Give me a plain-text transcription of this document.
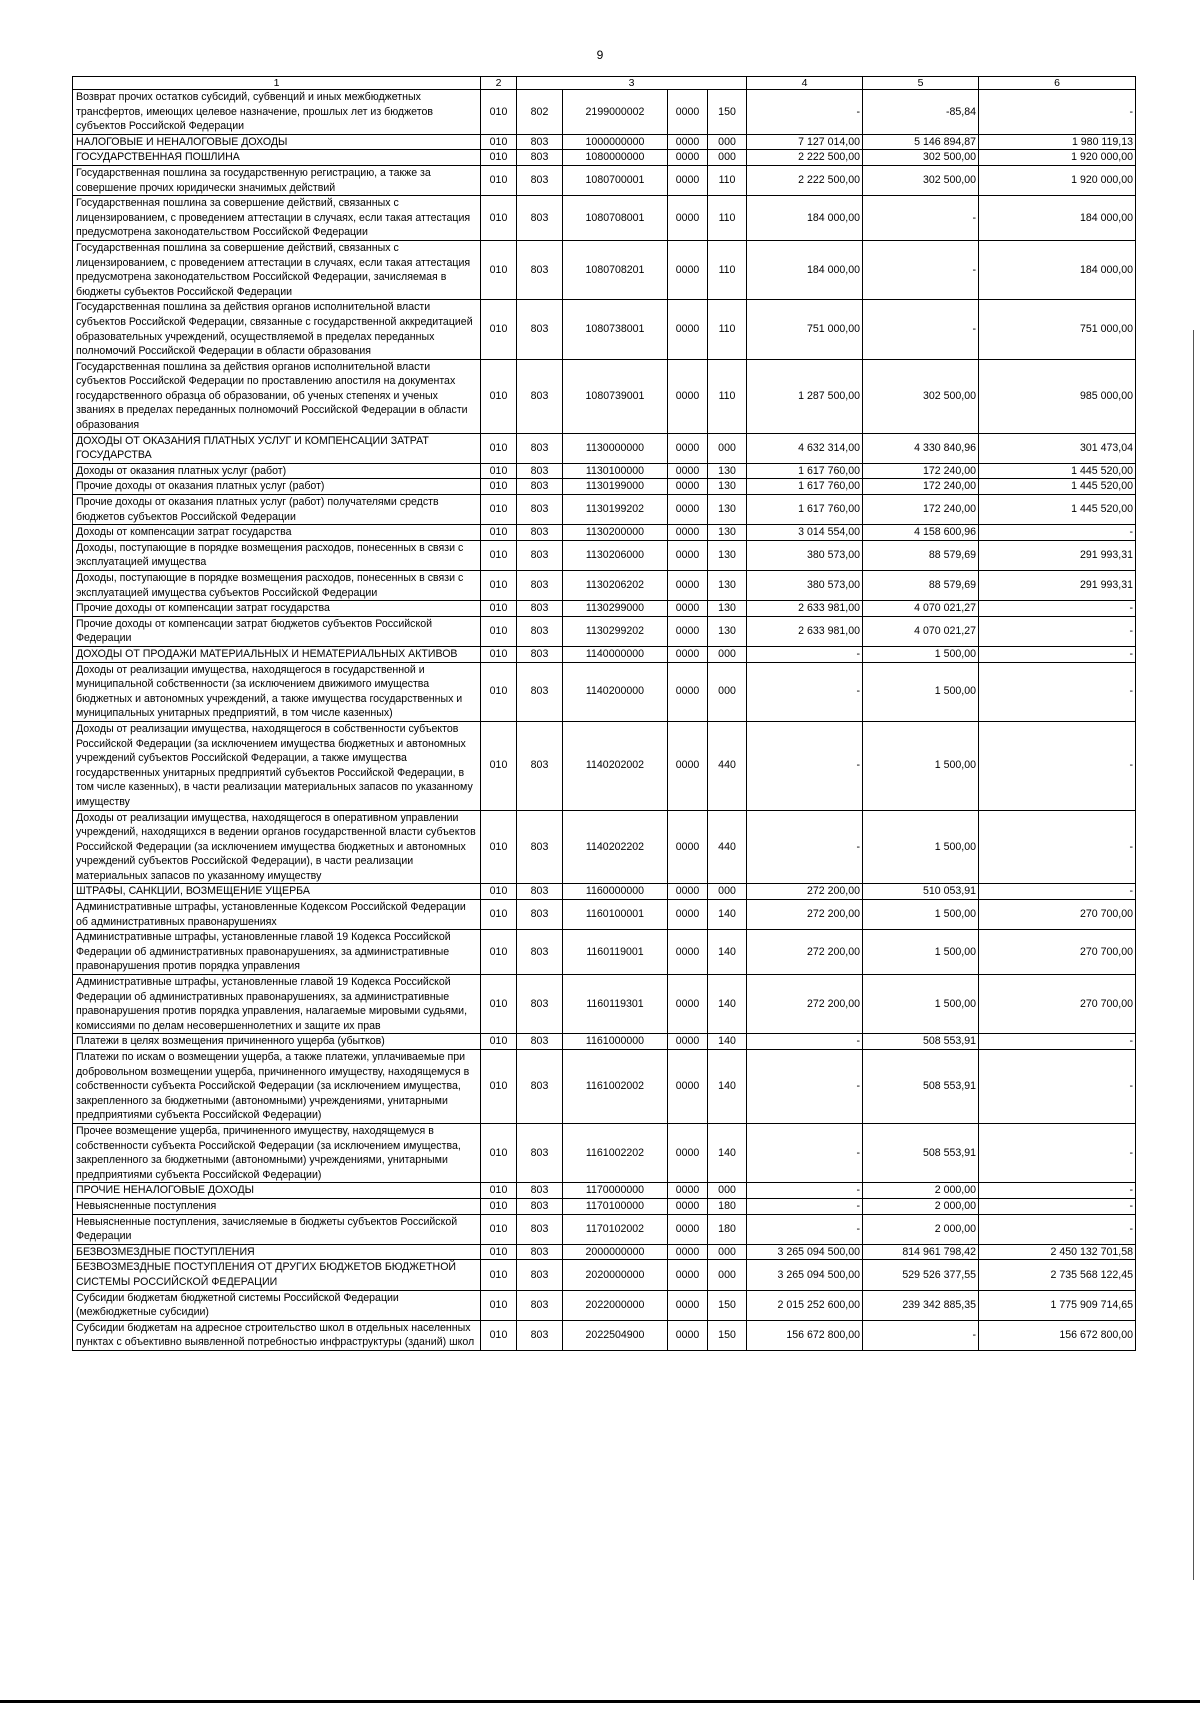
9
1	2	3				4	5	6
Возврат прочих остатков субсидий, субвенций и иных межбюджетных трансфертов, имеющих целевое назначение, прошлых лет из бюджетов субъектов Российской Федерации	010	802	2199000002	0000	150	-	-85,84	-
НАЛОГОВЫЕ И НЕНАЛОГОВЫЕ ДОХОДЫ	010	803	1000000000	0000	000	7 127 014,00	5 146 894,87	1 980 119,13
ГОСУДАРСТВЕННАЯ ПОШЛИНА	010	803	1080000000	0000	000	2 222 500,00	302 500,00	1 920 000,00
Государственная пошлина за государственную регистрацию, а также за совершение прочих юридически значимых действий	010	803	1080700001	0000	110	2 222 500,00	302 500,00	1 920 000,00
Государственная пошлина за совершение действий, связанных с лицензированием, с проведением аттестации в случаях, если такая аттестация предусмотрена законодательством Российской Федерации	010	803	1080708001	0000	110	184 000,00	-	184 000,00
Государственная пошлина за совершение действий, связанных с лицензированием, с проведением аттестации в случаях, если такая аттестация предусмотрена законодательством Российской Федерации, зачисляемая в бюджеты субъектов Российской Федерации	010	803	1080708201	0000	110	184 000,00	-	184 000,00
Государственная пошлина за действия органов исполнительной власти субъектов Российской Федерации, связанные с государственной аккредитацией образовательных учреждений, осуществляемой в пределах переданных полномочий Российской Федерации в области образования	010	803	1080738001	0000	110	751 000,00	-	751 000,00
Государственная пошлина за действия органов исполнительной власти субъектов Российской Федерации по проставлению апостиля на документах государственного образца об образовании, об ученых степенях и ученых званиях в пределах переданных полномочий Российской Федерации в области образования	010	803	1080739001	0000	110	1 287 500,00	302 500,00	985 000,00
ДОХОДЫ ОТ ОКАЗАНИЯ ПЛАТНЫХ УСЛУГ И КОМПЕНСАЦИИ ЗАТРАТ ГОСУДАРСТВА	010	803	1130000000	0000	000	4 632 314,00	4 330 840,96	301 473,04
Доходы от оказания платных услуг (работ)	010	803	1130100000	0000	130	1 617 760,00	172 240,00	1 445 520,00
Прочие доходы от оказания платных услуг (работ)	010	803	1130199000	0000	130	1 617 760,00	172 240,00	1 445 520,00
Прочие доходы от оказания платных услуг (работ) получателями средств бюджетов субъектов Российской Федерации	010	803	1130199202	0000	130	1 617 760,00	172 240,00	1 445 520,00
Доходы от компенсации затрат государства	010	803	1130200000	0000	130	3 014 554,00	4 158 600,96	-
Доходы, поступающие в порядке возмещения расходов, понесенных в связи с эксплуатацией имущества	010	803	1130206000	0000	130	380 573,00	88 579,69	291 993,31
Доходы, поступающие в порядке возмещения расходов, понесенных в связи с эксплуатацией имущества субъектов Российской Федерации	010	803	1130206202	0000	130	380 573,00	88 579,69	291 993,31
Прочие доходы от компенсации затрат государства	010	803	1130299000	0000	130	2 633 981,00	4 070 021,27	-
Прочие доходы от компенсации затрат бюджетов субъектов Российской Федерации	010	803	1130299202	0000	130	2 633 981,00	4 070 021,27	-
ДОХОДЫ ОТ ПРОДАЖИ МАТЕРИАЛЬНЫХ И НЕМАТЕРИАЛЬНЫХ АКТИВОВ	010	803	1140000000	0000	000	-	1 500,00	-
Доходы от реализации имущества, находящегося в государственной и муниципальной собственности (за исключением движимого имущества бюджетных и автономных учреждений, а также имущества государственных и муниципальных унитарных предприятий, в том числе казенных)	010	803	1140200000	0000	000	-	1 500,00	-
Доходы от реализации имущества, находящегося в собственности субъектов Российской Федерации (за исключением имущества бюджетных и автономных учреждений субъектов Российской Федерации, а также имущества государственных унитарных предприятий субъектов Российской Федерации, в том числе казенных), в части реализации материальных запасов по указанному имуществу	010	803	1140202002	0000	440	-	1 500,00	-
Доходы от реализации имущества, находящегося в оперативном управлении учреждений, находящихся в ведении органов государственной власти субъектов Российской Федерации (за исключением имущества бюджетных и автономных учреждений субъектов Российской Федерации), в части реализации материальных запасов по указанному имуществу	010	803	1140202202	0000	440	-	1 500,00	-
ШТРАФЫ, САНКЦИИ, ВОЗМЕЩЕНИЕ УЩЕРБА	010	803	1160000000	0000	000	272 200,00	510 053,91	-
Административные штрафы, установленные Кодексом Российской Федерации об административных правонарушениях	010	803	1160100001	0000	140	272 200,00	1 500,00	270 700,00
Административные штрафы, установленные главой 19 Кодекса Российской Федерации об административных правонарушениях, за административные правонарушения против порядка управления	010	803	1160119001	0000	140	272 200,00	1 500,00	270 700,00
Административные штрафы, установленные главой 19 Кодекса Российской Федерации об административных правонарушениях, за административные правонарушения против порядка управления, налагаемые мировыми судьями, комиссиями по делам несовершеннолетних и защите их прав	010	803	1160119301	0000	140	272 200,00	1 500,00	270 700,00
Платежи в целях возмещения причиненного ущерба (убытков)	010	803	1161000000	0000	140	-	508 553,91	-
Платежи по искам о возмещении ущерба, а также платежи, уплачиваемые при добровольном возмещении ущерба, причиненного имуществу, находящемуся в собственности субъекта Российской Федерации (за исключением имущества, закрепленного за бюджетными (автономными) учреждениями, унитарными предприятиями субъекта Российской Федерации)	010	803	1161002002	0000	140	-	508 553,91	-
Прочее возмещение ущерба, причиненного имуществу, находящемуся в собственности субъекта Российской Федерации (за исключением имущества, закрепленного за бюджетными (автономными) учреждениями, унитарными предприятиями субъекта Российской Федерации)	010	803	1161002202	0000	140	-	508 553,91	-
ПРОЧИЕ НЕНАЛОГОВЫЕ ДОХОДЫ	010	803	1170000000	0000	000	-	2 000,00	-
Невыясненные поступления	010	803	1170100000	0000	180	-	2 000,00	-
Невыясненные поступления, зачисляемые в бюджеты субъектов Российской Федерации	010	803	1170102002	0000	180	-	2 000,00	-
БЕЗВОЗМЕЗДНЫЕ ПОСТУПЛЕНИЯ	010	803	2000000000	0000	000	3 265 094 500,00	814 961 798,42	2 450 132 701,58
БЕЗВОЗМЕЗДНЫЕ ПОСТУПЛЕНИЯ ОТ ДРУГИХ БЮДЖЕТОВ БЮДЖЕТНОЙ СИСТЕМЫ РОССИЙСКОЙ ФЕДЕРАЦИИ	010	803	2020000000	0000	000	3 265 094 500,00	529 526 377,55	2 735 568 122,45
Субсидии бюджетам бюджетной системы Российской Федерации (межбюджетные субсидии)	010	803	2022000000	0000	150	2 015 252 600,00	239 342 885,35	1 775 909 714,65
Субсидии бюджетам на адресное строительство школ в отдельных населенных пунктах с объективно выявленной потребностью инфраструктуры (зданий) школ	010	803	2022504900	0000	150	156 672 800,00	-	156 672 800,00
